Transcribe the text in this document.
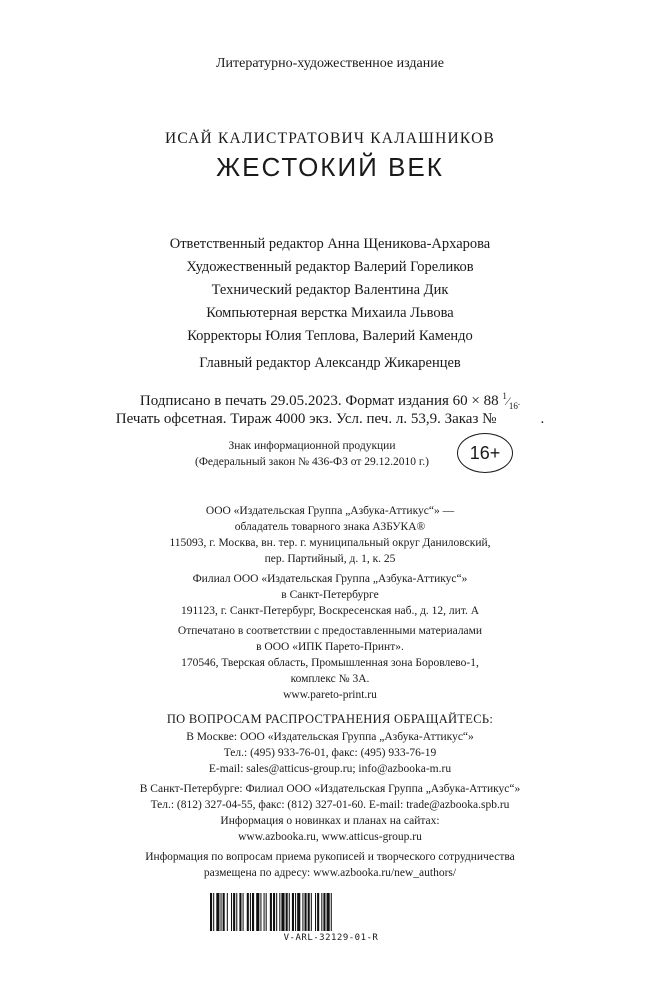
Литературно-художественное издание
ИСАЙ КАЛИСТРАТОВИЧ КАЛАШНИКОВ
ЖЕСТОКИЙ ВЕК
Ответственный редактор Анна Щеникова-Архарова
Художественный редактор Валерий Гореликов
Технический редактор Валентина Дик
Компьютерная верстка Михаила Львова
Корректоры Юлия Теплова, Валерий Камендо
Главный редактор Александр Жикаренцев
Подписано в печать 29.05.2023. Формат издания 60 × 88 $^1⁄_{16}$.
Печать офсетная. Тираж 4000 экз. Усл. печ. л. 53,9. Заказ №	.
Знак информационной продукции
(Федеральный закон № 436-ФЗ от 29.12.2010 г.)	16+
ООО «Издательская Группа „Азбука-Аттикус“» —
обладатель товарного знака АЗБУКА®
115093, г. Москва, вн. тер. г. муниципальный округ Даниловский,
пер. Партийный, д. 1, к. 25
Филиал ООО «Издательская Группа „Азбука-Аттикус“»
в Санкт-Петербурге
191123, г. Санкт-Петербург, Воскресенская наб., д. 12, лит. А
Отпечатано в соответствии с предоставленными материалами
в ООО «ИПК Парето-Принт».
170546, Тверская область, Промышленная зона Боровлево-1,
комплекс № 3А.
www.pareto-print.ru
ПО ВОПРОСАМ РАСПРОСТРАНЕНИЯ ОБРАЩАЙТЕСЬ:
В Москве: ООО «Издательская Группа „Азбука-Аттикус“»
Тел.: (495) 933-76-01, факс: (495) 933-76-19
E-mail: sales@atticus-group.ru; info@azbooka-m.ru
В Санкт-Петербурге: Филиал ООО «Издательская Группа „Азбука-Аттикус“»
Тел.: (812) 327-04-55, факс: (812) 327-01-60. E-mail: trade@azbooka.spb.ru
Информация о новинках и планах на сайтах:
www.azbooka.ru, www.atticus-group.ru
Информация по вопросам приема рукописей и творческого сотрудничества
размещена по адресу: www.azbooka.ru/new_authors/
V-ARL-32129-01-R
